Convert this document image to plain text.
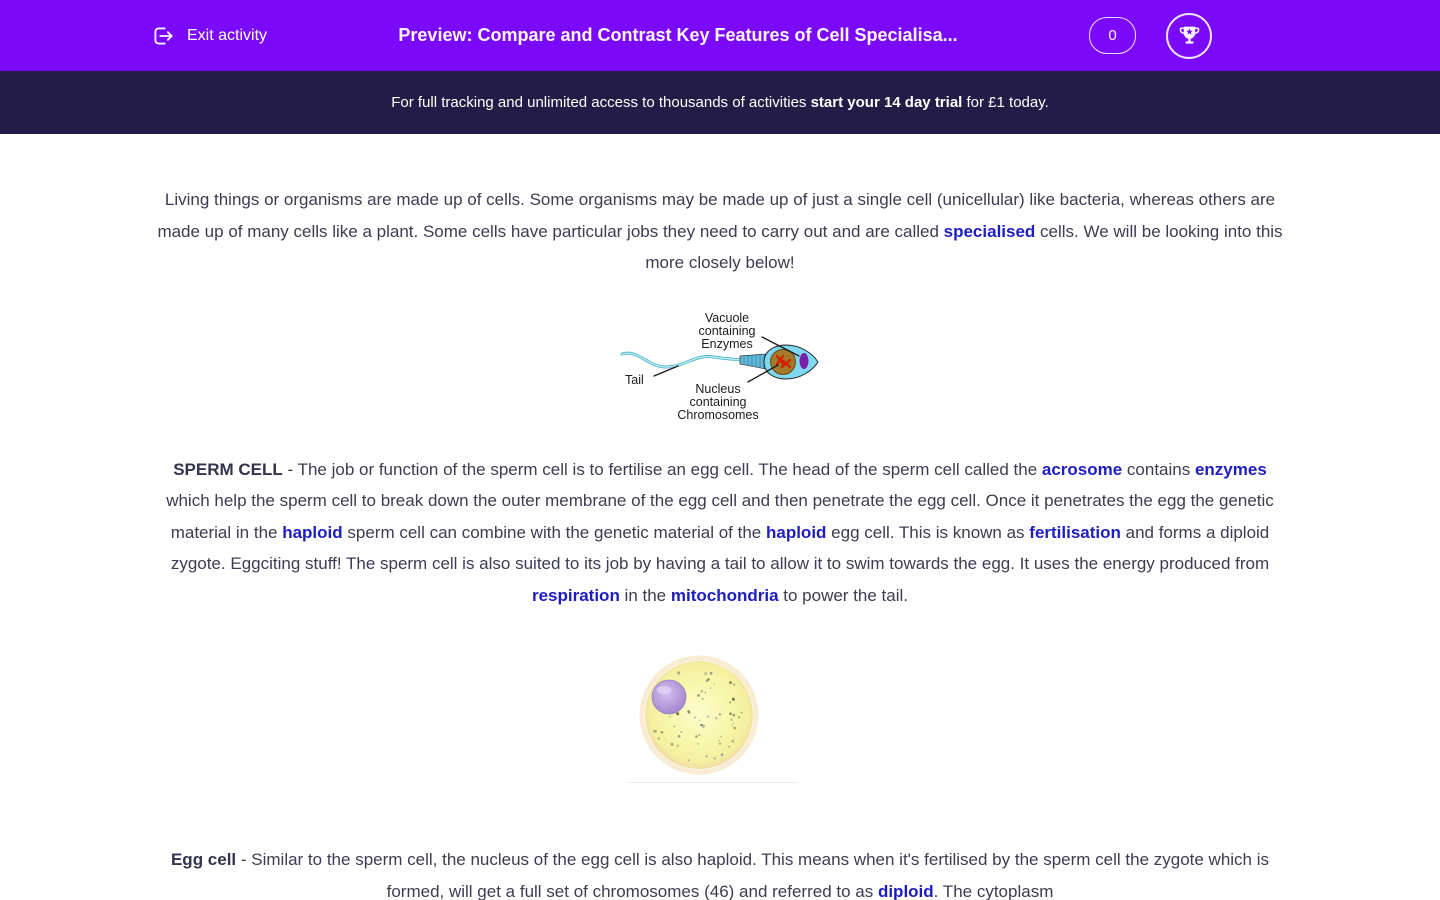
Exit activity	Preview: Compare and Contrast Key Features of Cell Specialisa...	0
For full tracking and unlimited access to thousands of activities start your 14 day trial for £1 today.

Living things or organisms are made up of cells. Some organisms may be made up of just a single cell (unicellular) like bacteria, whereas others are made up of many cells like a plant. Some cells have particular jobs they need to carry out and are called specialised cells. We will be looking into this more closely below!

Vacuole
containing
Enzymes
Tail
Nucleus
containing
Chromosomes

SPERM CELL - The job or function of the sperm cell is to fertilise an egg cell. The head of the sperm cell called the acrosome contains enzymes which help the sperm cell to break down the outer membrane of the egg cell and then penetrate the egg cell. Once it penetrates the egg the genetic material in the haploid sperm cell can combine with the genetic material of the haploid egg cell. This is known as fertilisation and forms a diploid zygote. Eggciting stuff! The sperm cell is also suited to its job by having a tail to allow it to swim towards the egg. It uses the energy produced from respiration in the mitochondria to power the tail.

Egg cell - Similar to the sperm cell, the nucleus of the egg cell is also haploid. This means when it's fertilised by the sperm cell the zygote which is formed, will get a full set of chromosomes (46) and referred to as diploid. The cytoplasm
